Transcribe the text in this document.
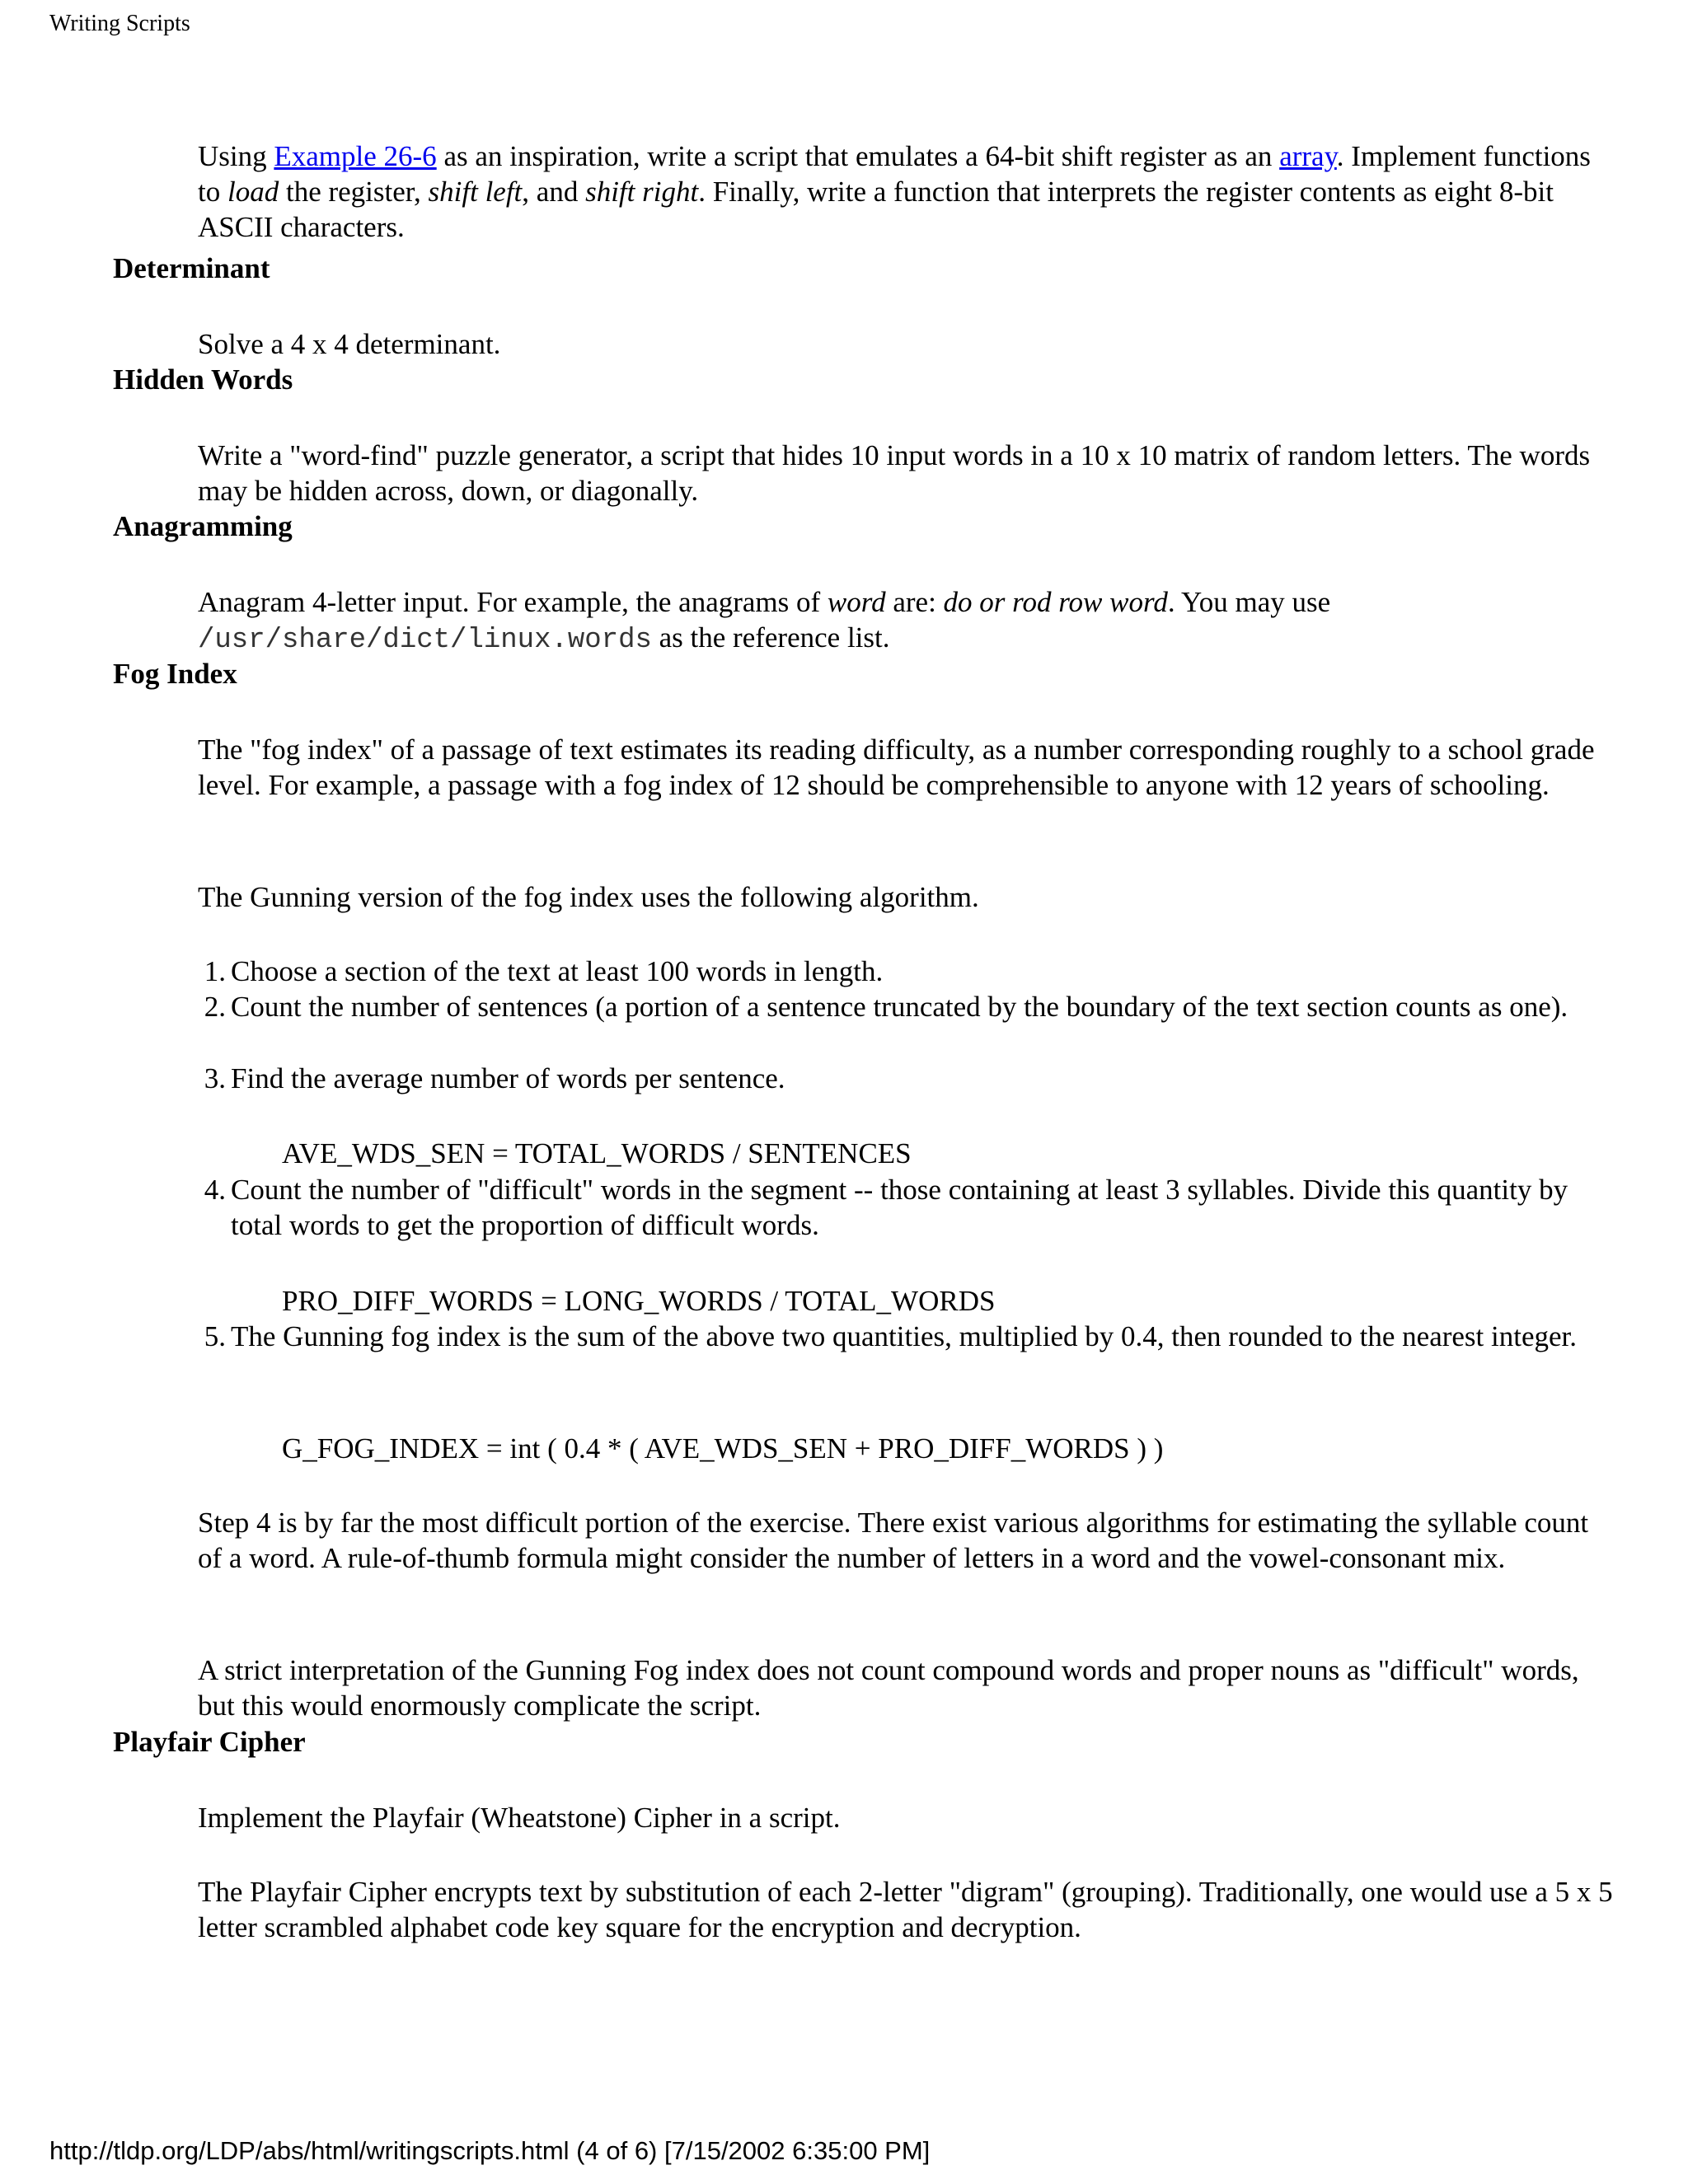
Writing Scripts
Using Example 26-6 as an inspiration, write a script that emulates a 64-bit shift register as an array. Implement functions to load the register, shift left, and shift right. Finally, write a function that interprets the register contents as eight 8-bit ASCII characters.
Determinant
Solve a 4 x 4 determinant.
Hidden Words
Write a "word-find" puzzle generator, a script that hides 10 input words in a 10 x 10 matrix of random letters. The words may be hidden across, down, or diagonally.
Anagramming
Anagram 4-letter input. For example, the anagrams of word are: do or rod row word. You may use
/usr/share/dict/linux.words as the reference list.
Fog Index
The "fog index" of a passage of text estimates its reading difficulty, as a number corresponding roughly to a school grade level. For example, a passage with a fog index of 12 should be comprehensible to anyone with 12 years of schooling.
The Gunning version of the fog index uses the following algorithm.
1. Choose a section of the text at least 100 words in length.
2. Count the number of sentences (a portion of a sentence truncated by the boundary of the text section counts as one).
3. Find the average number of words per sentence.
AVE_WDS_SEN = TOTAL_WORDS / SENTENCES
4. Count the number of "difficult" words in the segment -- those containing at least 3 syllables. Divide this quantity by total words to get the proportion of difficult words.
PRO_DIFF_WORDS = LONG_WORDS / TOTAL_WORDS
5. The Gunning fog index is the sum of the above two quantities, multiplied by 0.4, then rounded to the nearest integer.
G_FOG_INDEX = int ( 0.4 * ( AVE_WDS_SEN + PRO_DIFF_WORDS ) )
Step 4 is by far the most difficult portion of the exercise. There exist various algorithms for estimating the syllable count of a word. A rule-of-thumb formula might consider the number of letters in a word and the vowel-consonant mix.
A strict interpretation of the Gunning Fog index does not count compound words and proper nouns as "difficult" words, but this would enormously complicate the script.
Playfair Cipher
Implement the Playfair (Wheatstone) Cipher in a script.
The Playfair Cipher encrypts text by substitution of each 2-letter "digram" (grouping). Traditionally, one would use a 5 x 5 letter scrambled alphabet code key square for the encryption and decryption.
http://tldp.org/LDP/abs/html/writingscripts.html (4 of 6) [7/15/2002 6:35:00 PM]
